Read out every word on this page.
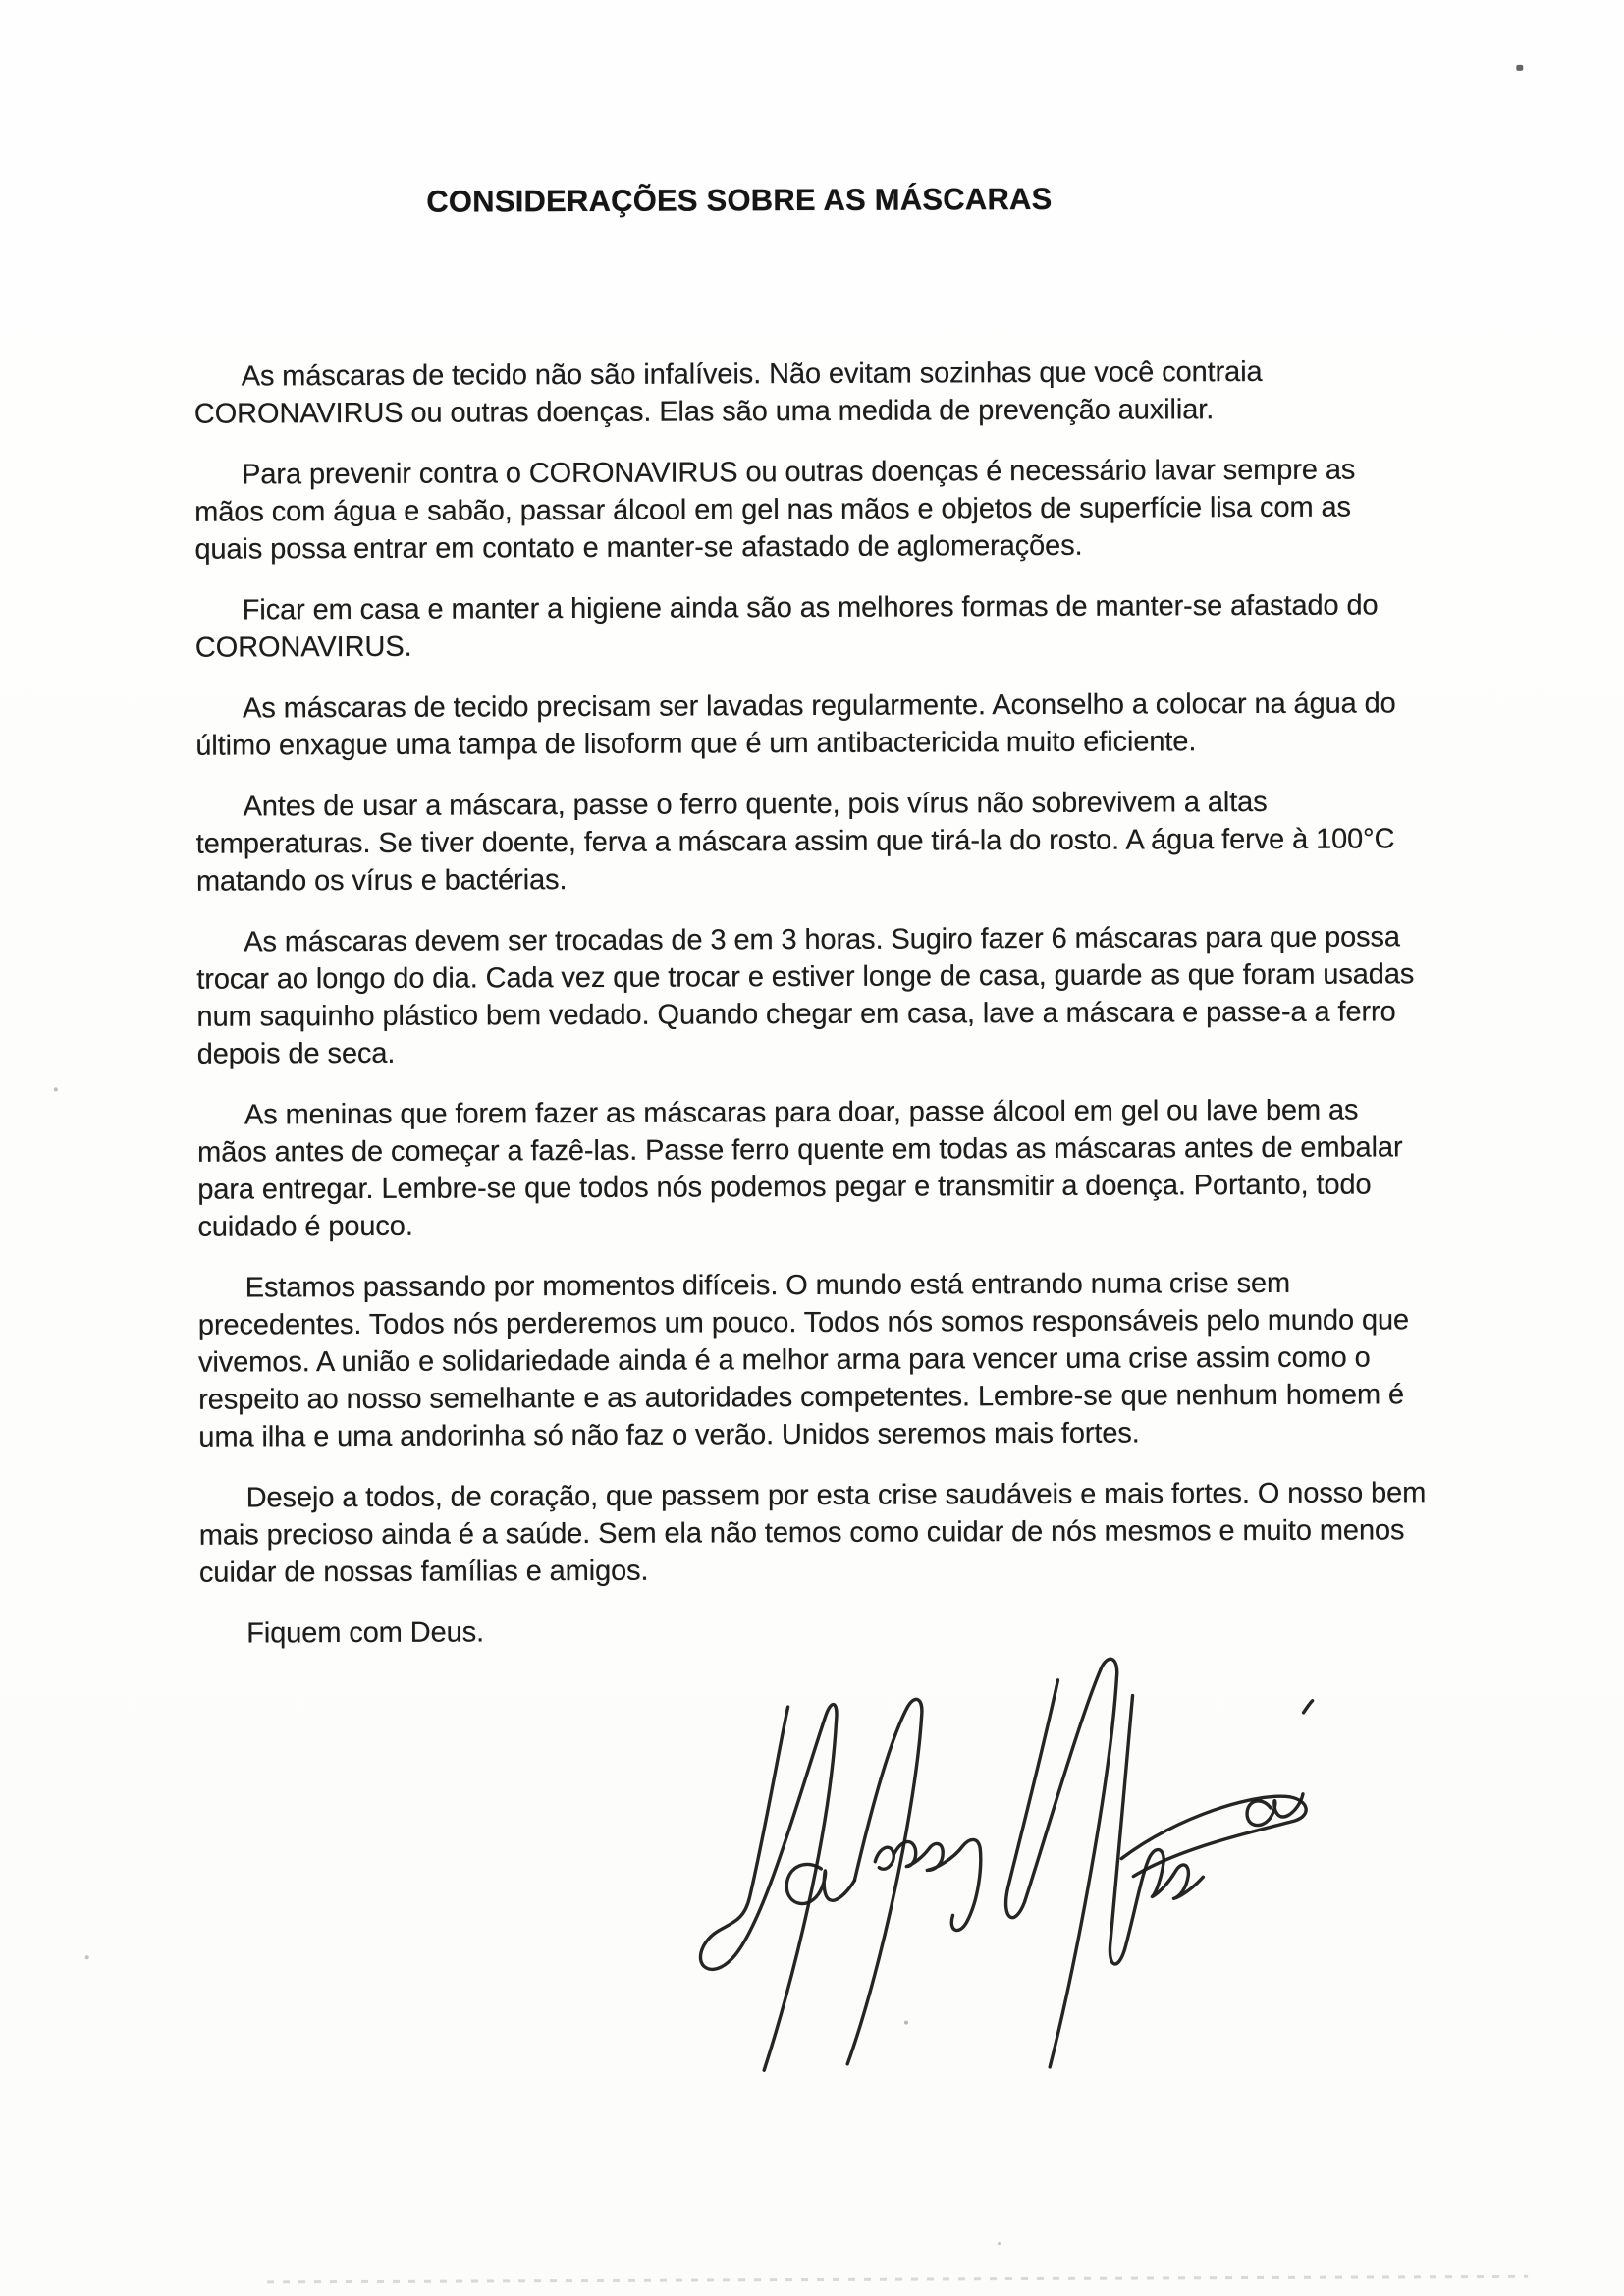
CONSIDERAÇÕES SOBRE AS MÁSCARAS

As máscaras de tecido não são infalíveis. Não evitam sozinhas que você contraia CORONAVIRUS ou outras doenças. Elas são uma medida de prevenção auxiliar.

Para prevenir contra o CORONAVIRUS ou outras doenças é necessário lavar sempre as mãos com água e sabão, passar álcool em gel nas mãos e objetos de superfície lisa com as quais possa entrar em contato e manter-se afastado de aglomerações.

Ficar em casa e manter a higiene ainda são as melhores formas de manter-se afastado do CORONAVIRUS.

As máscaras de tecido precisam ser lavadas regularmente. Aconselho a colocar na água do último enxague uma tampa de lisoform que é um antibactericida muito eficiente.

Antes de usar a máscara, passe o ferro quente, pois vírus não sobrevivem a altas temperaturas. Se tiver doente, ferva a máscara assim que tirá-la do rosto. A água ferve à 100°C matando os vírus e bactérias.

As máscaras devem ser trocadas de 3 em 3 horas. Sugiro fazer 6 máscaras para que possa trocar ao longo do dia. Cada vez que trocar e estiver longe de casa, guarde as que foram usadas num saquinho plástico bem vedado. Quando chegar em casa, lave a máscara e passe-a a ferro depois de seca.

As meninas que forem fazer as máscaras para doar, passe álcool em gel ou lave bem as mãos antes de começar a fazê-las. Passe ferro quente em todas as máscaras antes de embalar para entregar. Lembre-se que todos nós podemos pegar e transmitir a doença. Portanto, todo cuidado é pouco.

Estamos passando por momentos difíceis. O mundo está entrando numa crise sem precedentes. Todos nós perderemos um pouco. Todos nós somos responsáveis pelo mundo que vivemos. A união e solidariedade ainda é a melhor arma para vencer uma crise assim como o respeito ao nosso semelhante e as autoridades competentes. Lembre-se que nenhum homem é uma ilha e uma andorinha só não faz o verão. Unidos seremos mais fortes.

Desejo a todos, de coração, que passem por esta crise saudáveis e mais fortes. O nosso bem mais precioso ainda é a saúde. Sem ela não temos como cuidar de nós mesmos e muito menos cuidar de nossas famílias e amigos.

Fiquem com Deus.
